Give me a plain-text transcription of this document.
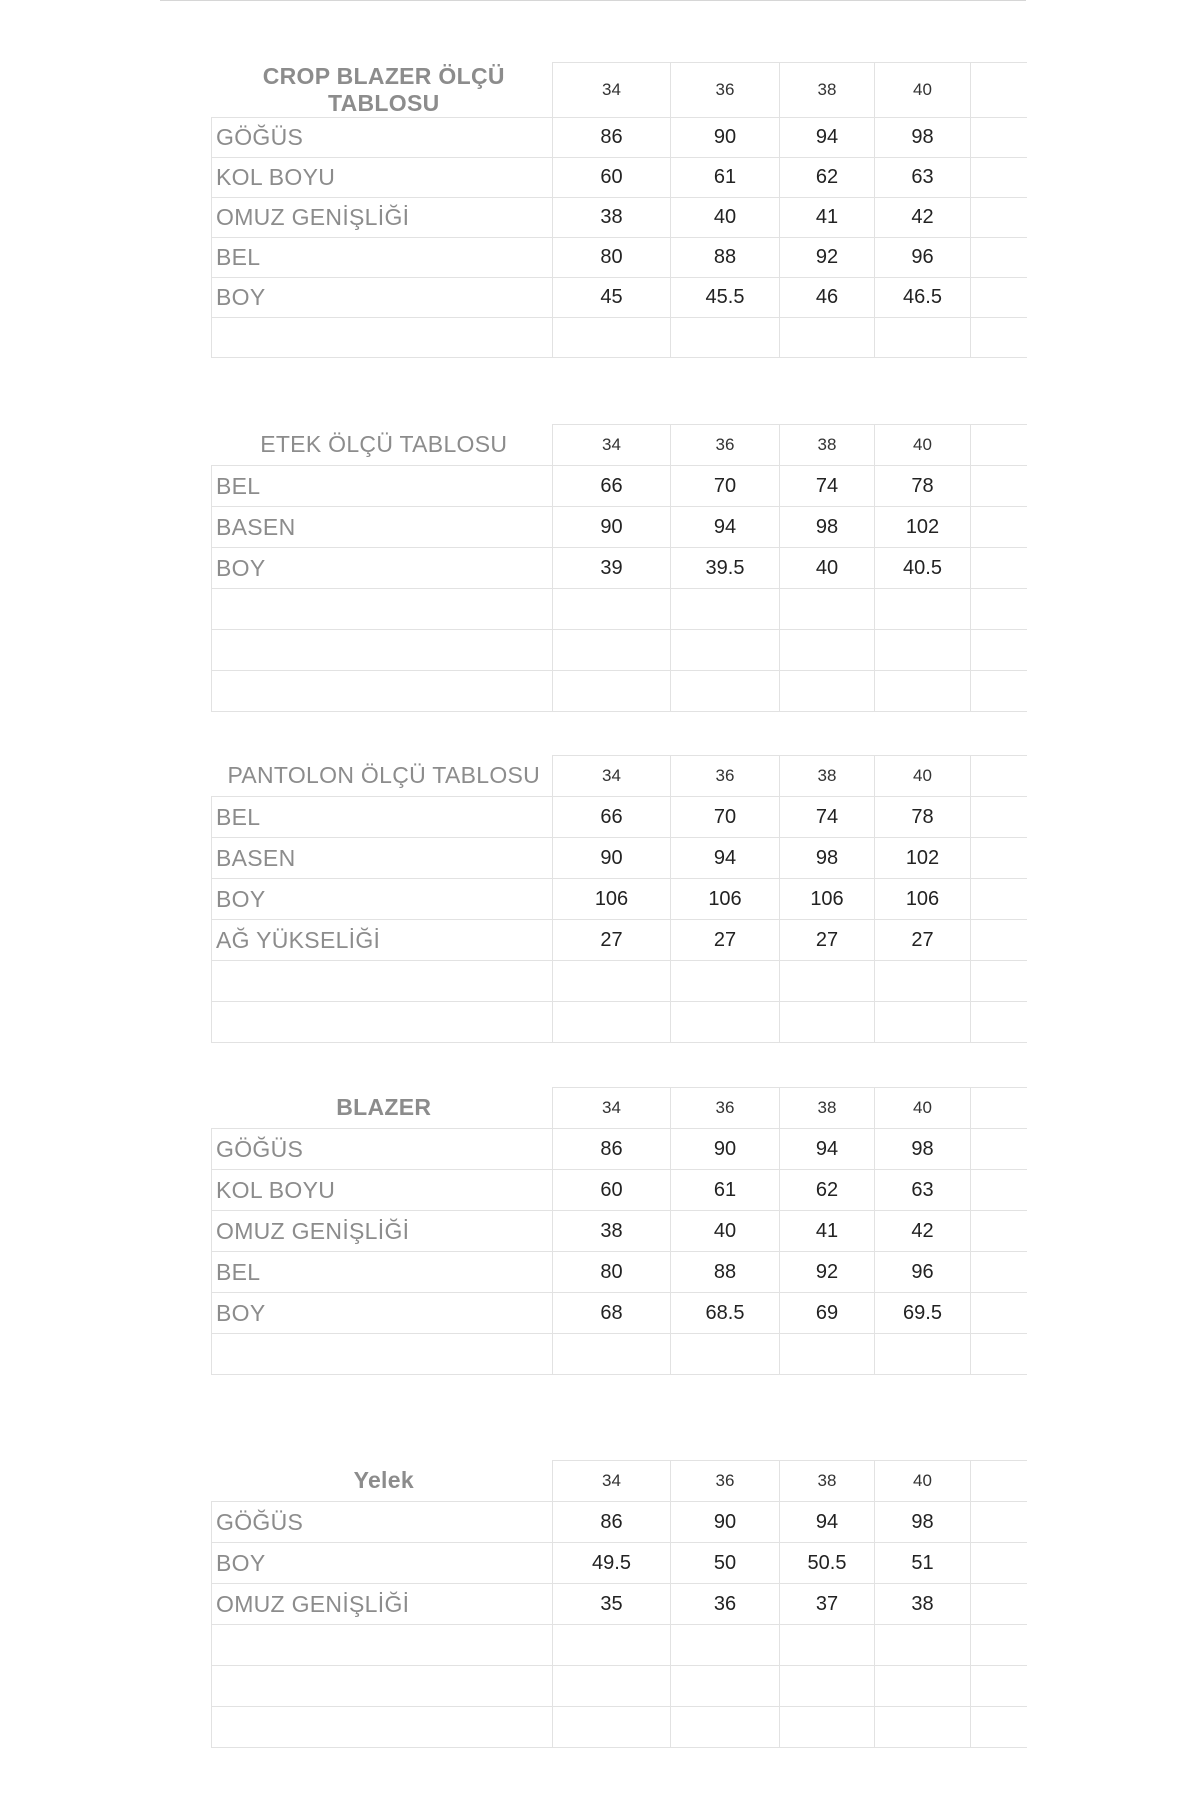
CROP BLAZER ÖLÇÜ TABLOSU	34	36	38	40	
GÖĞÜS	86	90	94	98	
KOL BOYU	60	61	62	63	
OMUZ GENİŞLİĞİ	38	40	41	42	
BEL	80	88	92	96	
BOY	45	45.5	46	46.5	

ETEK ÖLÇÜ TABLOSU	34	36	38	40	
BEL	66	70	74	78	
BASEN	90	94	98	102	
BOY	39	39.5	40	40.5	

PANTOLON ÖLÇÜ TABLOSU	34	36	38	40	
BEL	66	70	74	78	
BASEN	90	94	98	102	
BOY	106	106	106	106	
AĞ YÜKSELİĞİ	27	27	27	27	

BLAZER	34	36	38	40	
GÖĞÜS	86	90	94	98	
KOL BOYU	60	61	62	63	
OMUZ GENİŞLİĞİ	38	40	41	42	
BEL	80	88	92	96	
BOY	68	68.5	69	69.5	

Yelek	34	36	38	40	
GÖĞÜS	86	90	94	98	
BOY	49.5	50	50.5	51	
OMUZ GENİŞLİĞİ	35	36	37	38	
